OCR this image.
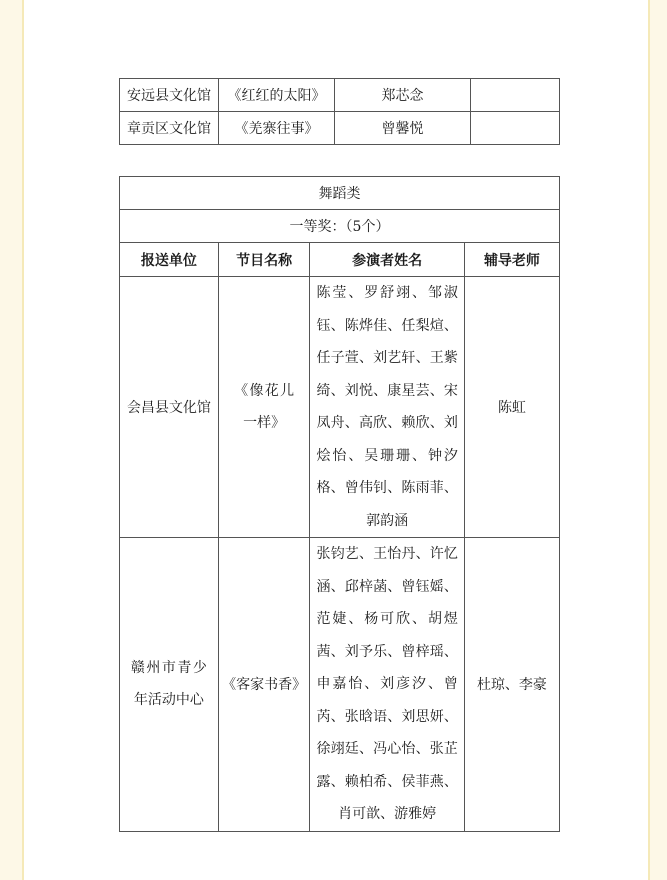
安远县文化馆	《红红的太阳》	郑芯念	
章贡区文化馆	《羌寨往事》	曾馨悦	
舞蹈类			
一等奖：（5个）			
报送单位	节目名称	参演者姓名	辅导老师
会昌县文化馆	《像花儿一样》	陈莹、罗舒翊、邹淑钰、陈烨佳、任梨煊、任子萱、刘艺轩、王紫绮、刘悦、康星芸、宋凤舟、高欣、赖欣、刘烩怡、吴珊珊、钟汐格、曾伟钊、陈雨菲、郭韵涵	陈虹

赣州市青少年活动中心	《客家书香》	张钧艺、王怡丹、许忆涵、邱梓菡、曾钰媱、范婕、杨可欣、胡煜茜、刘予乐、曾梓瑶、申嘉怡、刘彦汐、曾芮、张晗语、刘思妍、徐翊廷、冯心怡、张芷露、赖柏希、侯菲燕、肖可歆、游雅婷	杜琼、李豪
